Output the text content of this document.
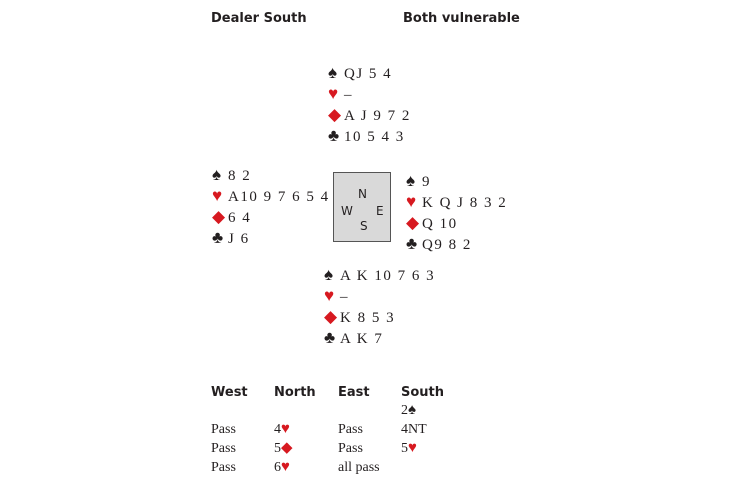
Dealer South	Both vulnerable
♠ QJ 5 4
♥ –
◆A J 9 7 2
♣ 10 5 4 3
♠ 8 2
♥ A10 9 7 6 5 4
◆6 4
♣ J 6
N
W E
S
♠ 9
♥ K Q J 8 3 2
◆Q 10
♣ Q9 8 2
♠ A K 10 7 6 3
♥ –
◆K 8 5 3
♣ A K 7
West
Pass
Pass
Pass
North
4♥
5◆
6♥
East
Pass
Pass
all pass
South
2♠
4NT
5♥
